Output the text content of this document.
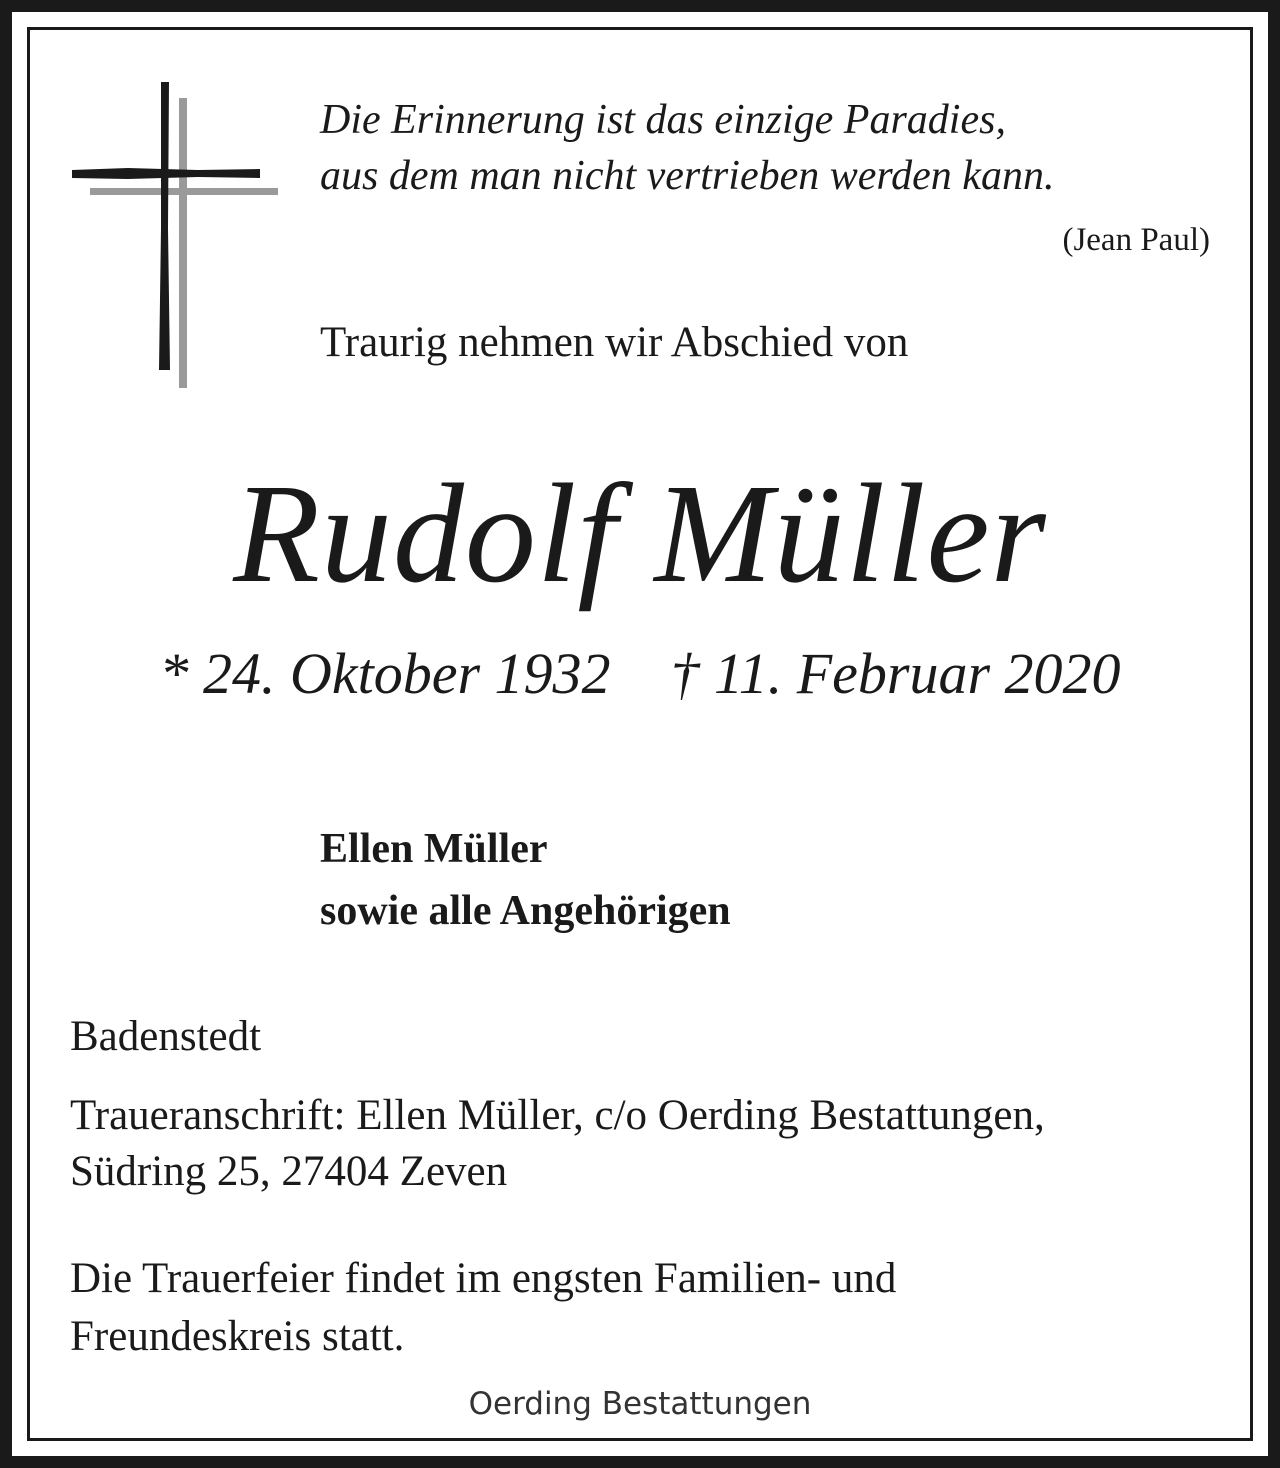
Die Erinnerung ist das einzige Paradies,
aus dem man nicht vertrieben werden kann.
(Jean Paul)
Traurig nehmen wir Abschied von
Rudolf Müller
* 24. Oktober 1932 † 11. Februar 2020
Ellen Müller
sowie alle Angehörigen
Badenstedt
Traueranschrift: Ellen Müller, c/o Oerding Bestattungen,
Südring 25, 27404 Zeven
Die Trauerfeier findet im engsten Familien- und
Freundeskreis statt.
Oerding Bestattungen
